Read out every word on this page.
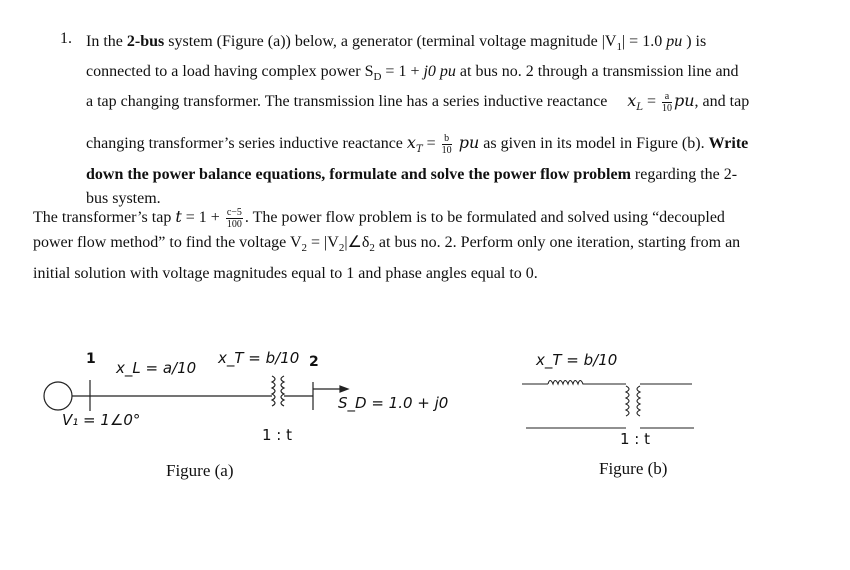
1. In the 2-bus system (Figure (a)) below, a generator (terminal voltage magnitude $|V_1| = 1.0$ pu ) is
connected to a load having complex power $S_D = 1 + j0$ pu at bus no. 2 through a transmission line and
a tap changing transformer. The transmission line has a series inductive reactance $x_L = \frac{a}{10}$ pu, and tap
changing transformer’s series inductive reactance $x_T = \frac{b}{10}$ pu as given in its model in Figure (b). Write
down the power balance equations, formulate and solve the power flow problem regarding the 2-
bus system.
The transformer’s tap $t = 1 + \frac{c-5}{100}$ . The power flow problem is to be formulated and solved using “decoupled
power flow method” to find the voltage $V_2$ = $|V_2|\angle\delta_2$ at bus no. 2. Perform only one iteration, starting from an
initial solution with voltage magnitudes equal to 1 and phase angles equal to 0.
1 x_L = a/10
x_T = b/10 2
S_D = 1.0 + j0
V₁ = 1∠0°
1 : t
Figure (a)
x_T = b/10
1 : t
Figure (b)
